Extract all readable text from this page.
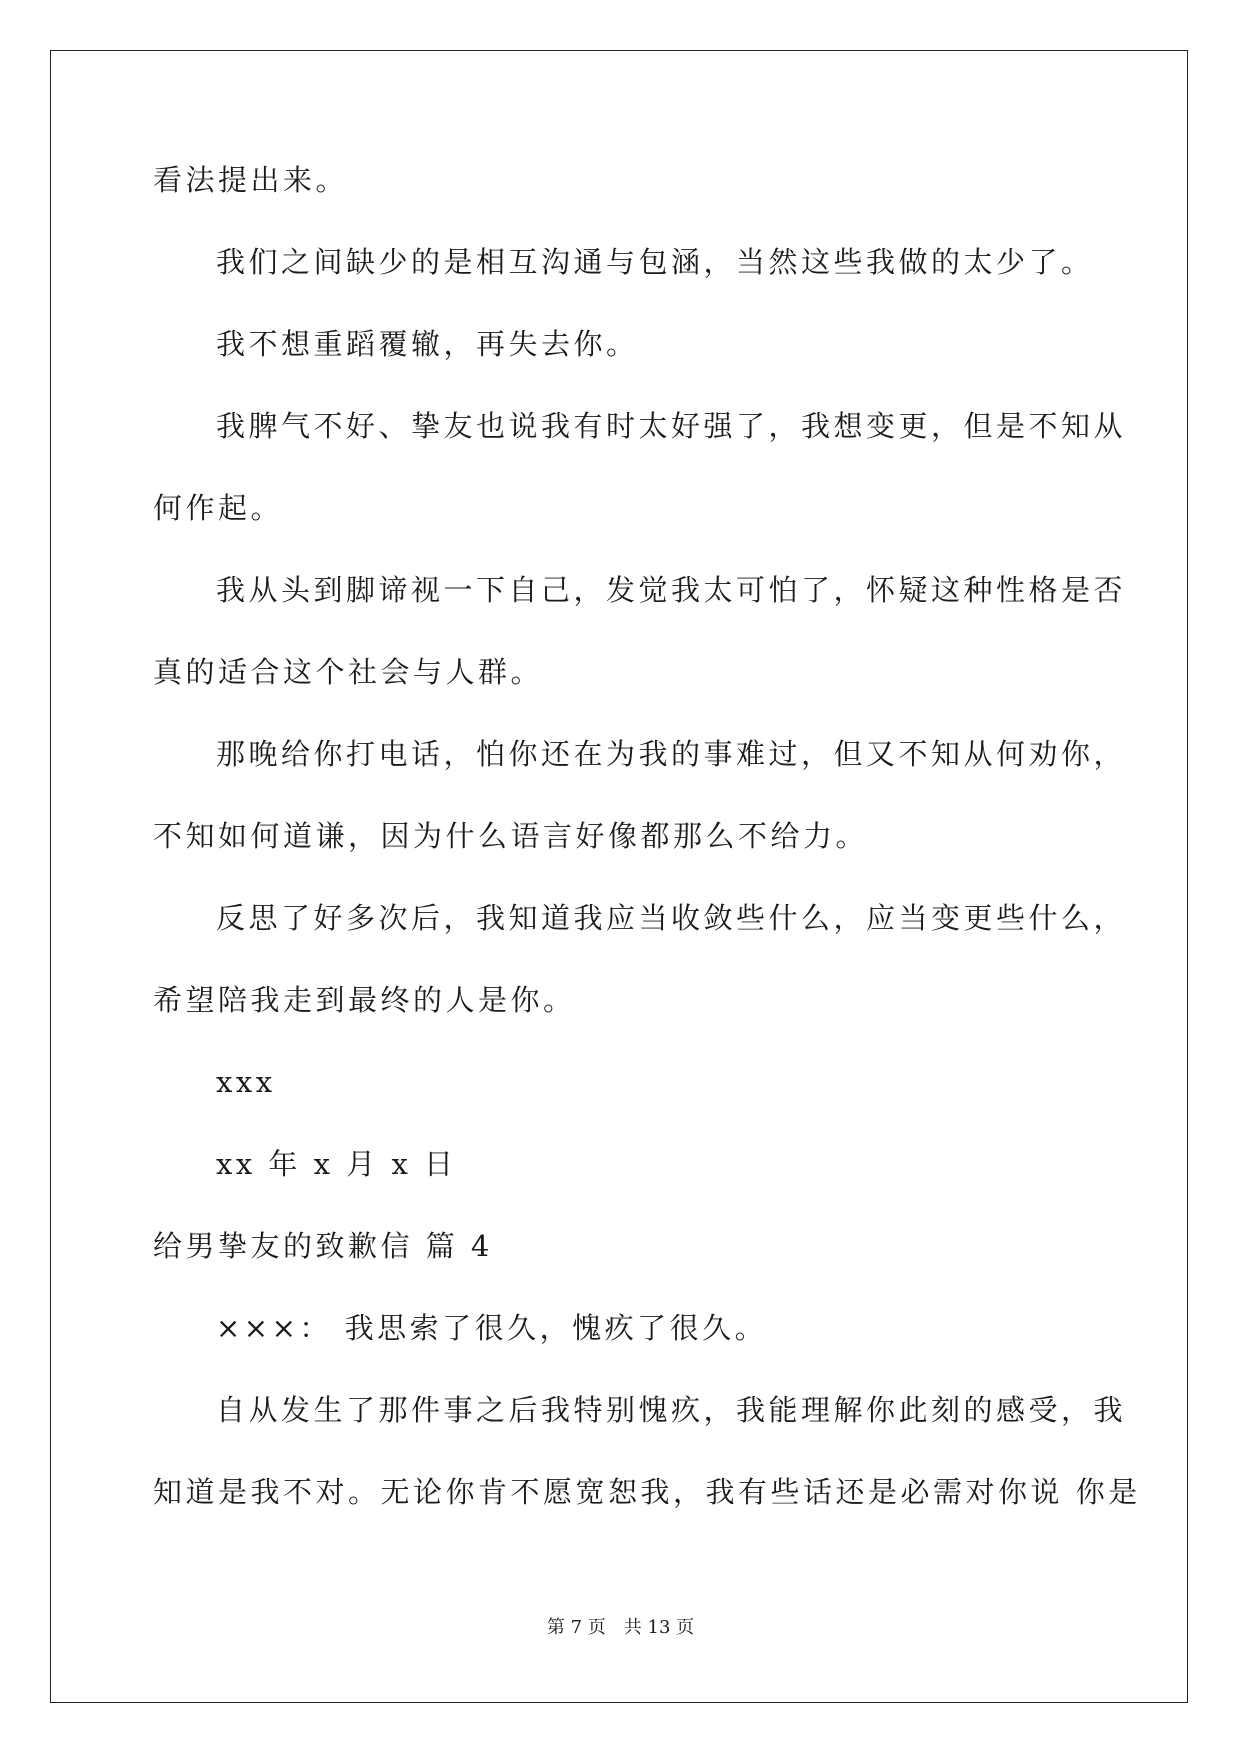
看法提出来。
我们之间缺少的是相互沟通与包涵，当然这些我做的太少了。
我不想重蹈覆辙，再失去你。
我脾气不好、挚友也说我有时太好强了，我想变更，但是不知从
何作起。
我从头到脚谛视一下自己，发觉我太可怕了，怀疑这种性格是否
真的适合这个社会与人群。
那晚给你打电话，怕你还在为我的事难过，但又不知从何劝你，
不知如何道谦，因为什么语言好像都那么不给力。
反思了好多次后，我知道我应当收敛些什么，应当变更些什么，
希望陪我走到最终的人是你。
xxx
xx 年 x 月 x 日
给男挚友的致歉信 篇 4
×××： 我思索了很久，愧疚了很久。
自从发生了那件事之后我特别愧疚，我能理解你此刻的感受，我
知道是我不对。无论你肯不愿宽恕我，我有些话还是必需对你说 你是
第 7 页　共 13 页
